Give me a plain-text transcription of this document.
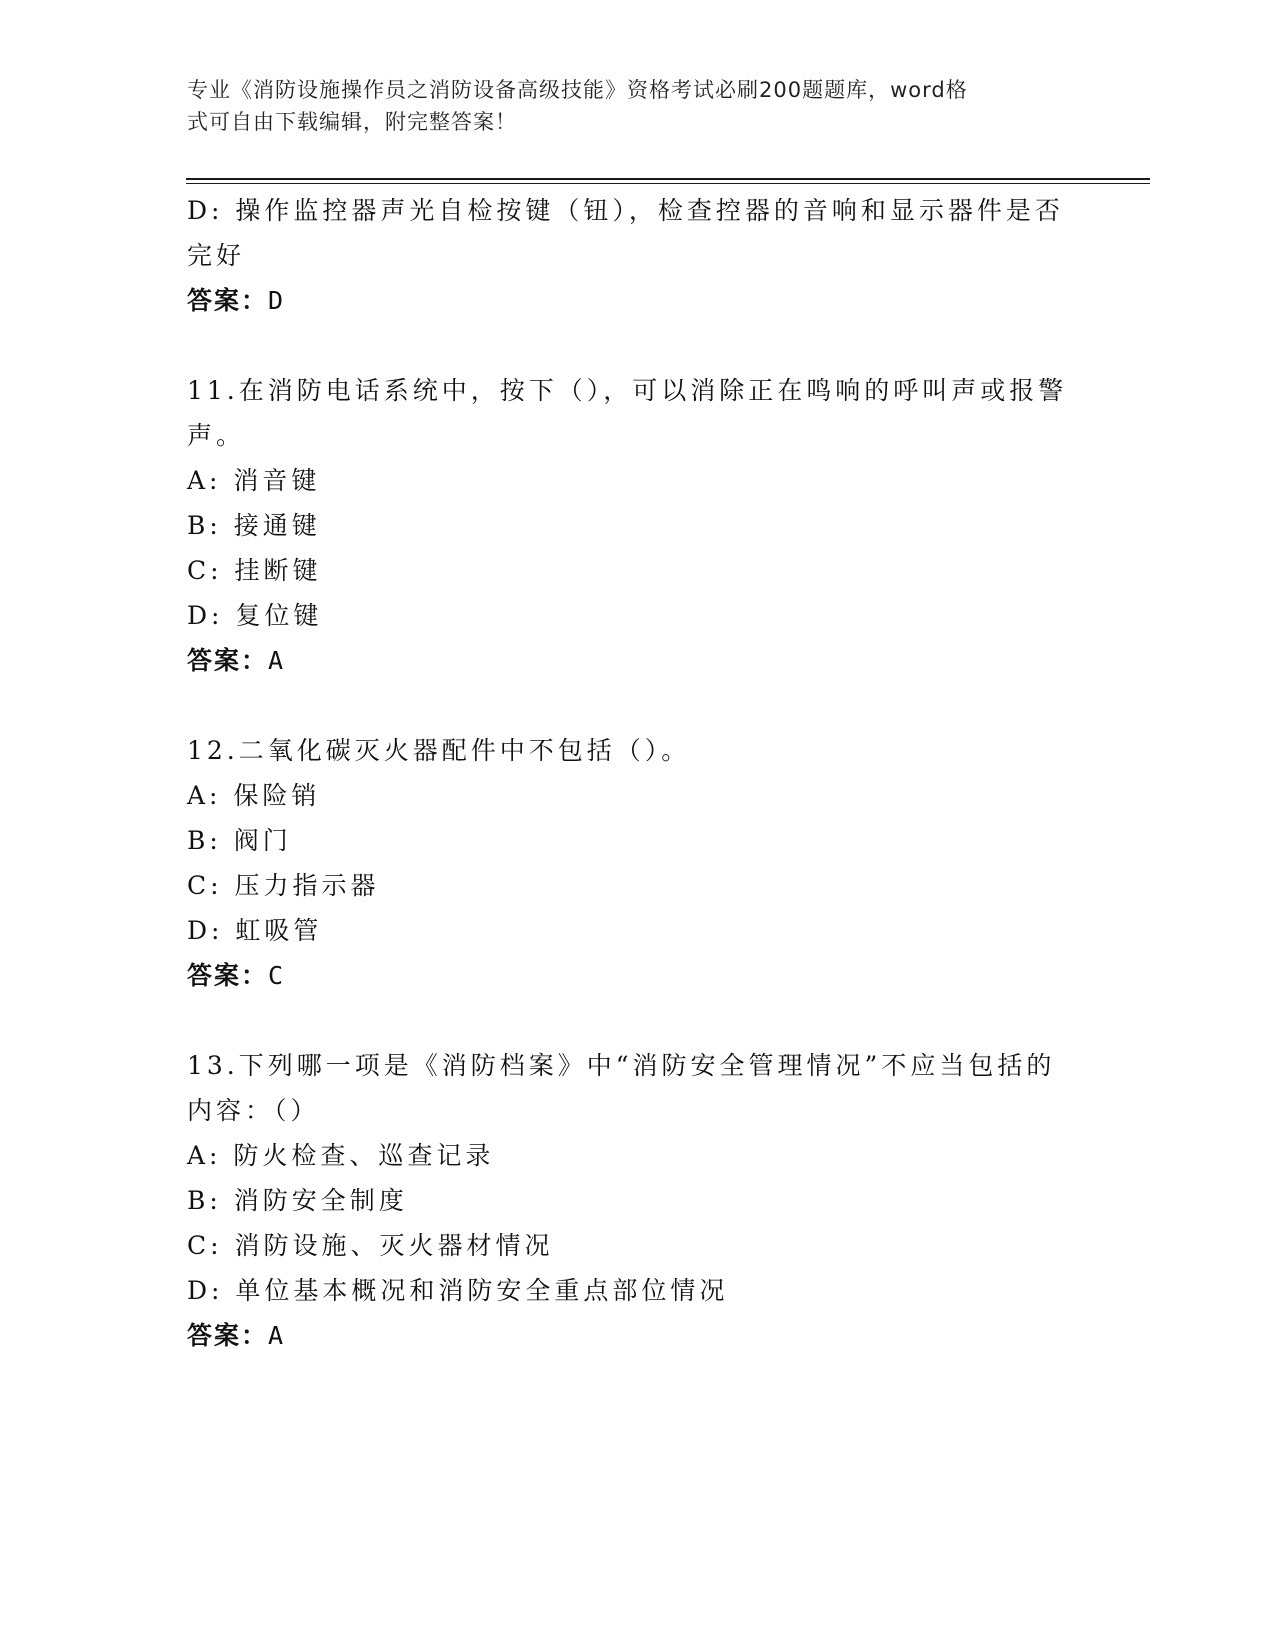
专业《消防设施操作员之消防设备高级技能》资格考试必刷200题题库，word格
式可自由下载编辑，附完整答案！

D: 操作监控器声光自检按键（钮），检查控器的音响和显示器件是否

完好

答案：D

11.在消防电话系统中，按下（），可以消除正在鸣响的呼叫声或报警

声。

A: 消音键

B: 接通键

C: 挂断键

D: 复位键

答案：A

12.二氧化碳灭火器配件中不包括（）。

A: 保险销

B: 阀门

C: 压力指示器

D: 虹吸管

答案：C

13.下列哪一项是《消防档案》中“消防安全管理情况”不应当包括的

内容：（）

A: 防火检查、巡查记录

B: 消防安全制度

C: 消防设施、灭火器材情况

D: 单位基本概况和消防安全重点部位情况

答案：A
